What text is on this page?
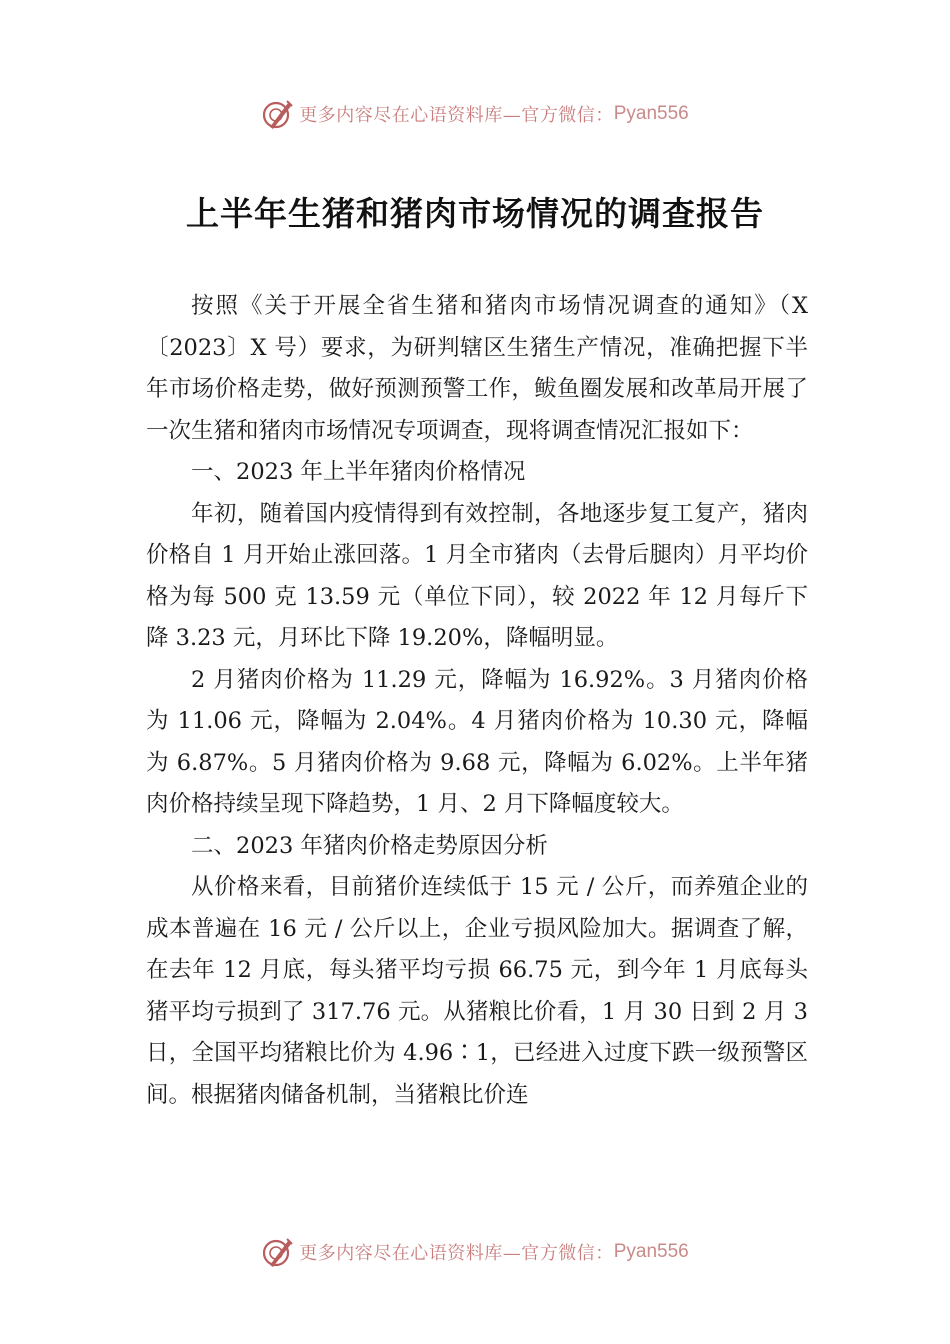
更多内容尽在心语资料库—官方微信： Pyan556
上半年生猪和猪肉市场情况的调查报告

按照《关于开展全省生猪和猪肉市场情况调查的通知》（X〔2023〕X 号）要求，为研判辖区生猪生产情况，准确把握下半年市场价格走势，做好预测预警工作，鲅鱼圈发展和改革局开展了一次生猪和猪肉市场情况专项调查，现将调查情况汇报如下：

一、2023 年上半年猪肉价格情况

年初，随着国内疫情得到有效控制，各地逐步复工复产，猪肉价格自 1 月开始止涨回落。1 月全市猪肉（去骨后腿肉）月平均价格为每 500 克 13.59 元（单位下同），较 2022 年 12 月每斤下降 3.23 元，月环比下降 19.20%，降幅明显。

2 月猪肉价格为 11.29 元，降幅为 16.92%。3 月猪肉价格为 11.06 元，降幅为 2.04%。4 月猪肉价格为 10.30 元，降幅为 6.87%。5 月猪肉价格为 9.68 元，降幅为 6.02%。上半年猪肉价格持续呈现下降趋势，1 月、2 月下降幅度较大。

二、2023 年猪肉价格走势原因分析

从价格来看，目前猪价连续低于 15 元 / 公斤，而养殖企业的成本普遍在 16 元 / 公斤以上，企业亏损风险加大。据调查了解，在去年 12 月底，每头猪平均亏损 66.75 元，到今年 1 月底每头猪平均亏损到了 317.76 元。从猪粮比价看，1 月 30 日到 2 月 3 日，全国平均猪粮比价为 4.96∶1，已经进入过度下跌一级预警区间。根据猪肉储备机制，当猪粮比价连

更多内容尽在心语资料库—官方微信： Pyan556
